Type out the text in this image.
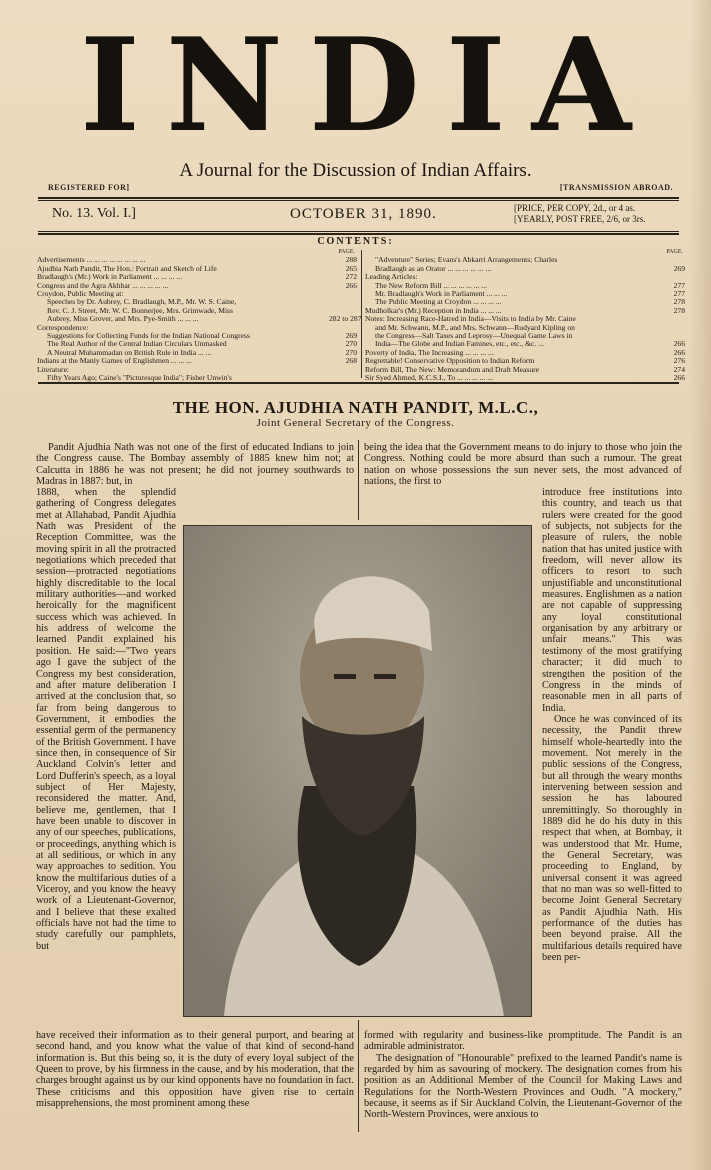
INDIA
A Journal for the Discussion of Indian Affairs.
REGISTERED FOR]	[TRANSMISSION ABROAD.
No. 13. Vol. I.]	OCTOBER 31, 1890.	[PRICE, PER COPY, 2d., or 4 as.
[YEARLY, POST FREE, 2/6, or 3rs.
CONTENTS:
PAGE.
Advertisements ... ... ... ... ... ... ... ...	288
Ajudhia Nath Pandit, The Hon.: Portrait and Sketch of Life	265
Bradlaugh's (Mr.) Work in Parliament ... ... ... ...	272
Congress and the Agra Akhbar ... ... ... ... ...	266
Croydon, Public Meeting at:
Speeches by Dr. Aubrey, C. Bradlaugh, M.P., Mr. W. S. Caine,
Rev. C. J. Street, Mr. W. C. Bonnerjee, Mrs. Grimwade, Miss
Aubrey, Miss Grover, and Mrs. Pye-Smith ... ... ...	282 to 287
Correspondence:
Suggestions for Collecting Funds for the Indian National Congress	269
The Real Author of the Central Indian Circulars Unmasked	270
A Neutral Muhammadan on British Rule in India ... ...	270
Indians at the Manly Games of Englishmen ... ... ...	268
Literature:
Fifty Years Ago; Caine's "Picturesque India"; Fisher Unwin's
PAGE.
"Adventure" Series; Evans's Abkarri Arrangements; Charles
Bradlaugh as an Orator ... ... ... ... ... ...	269
Leading Articles:
The New Reform Bill ... ... ... ... ... ...	277
Mr. Bradlaugh's Work in Parliament ... ... ...	277
The Public Meeting at Croydon ... ... ... ...	278
Mudholkar's (Mr.) Reception in India ... ... ...	278
Notes: Increasing Race-Hatred in India—Visits to India by Mr. Caine
and Mr. Schwann, M.P., and Mrs. Schwann—Rudyard Kipling on
the Congress—Salt Taxes and Leprosy—Unequal Game Laws in
India—The Globe and Indian Famines, etc., etc., &c. ...	266
Poverty of India, The Increasing ... ... ... ...	266
Regrettable! Conservative Opposition to Indian Reform	276
Reform Bill, The New: Memorandum and Draft Measure	274
Sir Syed Ahmed, K.C.S.I., To ... ... ... ... ...	266
THE HON. AJUDHIA NATH PANDIT, M.L.C.,
Joint General Secretary of the Congress.

Pandit Ajudhia Nath was not one of the first of educated Indians to join the Congress cause. The Bombay assembly of 1885 knew him not; at Calcutta in 1886 he was not present; he did not journey southwards to Madras in 1887: but, in

being the idea that the Government means to do injury to those who join the Congress. Nothing could be more absurd than such a rumour. The great nation on whose possessions the sun never sets, the most advanced of nations, the first to

1888, when the splendid gathering of Congress delegates met at Allahabad, Pandit Ajudhia Nath was President of the Reception Committee, was the moving spirit in all the protracted negotiations which preceded that session—protracted negotiations highly discreditable to the local military authorities—and worked heroically for the magnificent success which was achieved. In his address of welcome the learned Pandit explained his position. He said:—"Two years ago I gave the subject of the Congress my best consideration, and after mature deliberation I arrived at the conclusion that, so far from being dangerous to Government, it embodies the essential germ of the permanency of the British Government. I have since then, in consequence of Sir Auckland Colvin's letter and Lord Dufferin's speech, as a loyal subject of Her Majesty, reconsidered the matter. And, believe me, gentlemen, that I have been unable to discover in any of our speeches, publications, or proceedings, anything which is at all seditious, or which in any way approaches to sedition. You know the multifarious duties of a Viceroy, and you know the heavy work of a Lieutenant-Governor, and I believe that these exalted officials have not had the time to study carefully our pamphlets, but

introduce free institutions into this country, and teach us that rulers were created for the good of subjects, not subjects for the pleasure of rulers, the noble nation that has united justice with freedom, will never allow its officers to resort to such unjustifiable and unconstitutional measures. Englishmen as a nation are not capable of suppressing any loyal constitutional organisation by any arbitrary or unfair means." This was testimony of the most gratifying character; it did much to strengthen the position of the Congress in the minds of reasonable men in all parts of India.

Once he was convinced of its necessity, the Pandit threw himself whole-heartedly into the movement. Not merely in the public sessions of the Congress, but all through the weary months intervening between session and session he has laboured unremittingly. So thoroughly in 1889 did he do his duty in this respect that when, at Bombay, it was understood that Mr. Hume, the General Secretary, was proceeding to England, by universal consent it was agreed that no man was so well-fitted to become Joint General Secretary as Pandit Ajudhia Nath. His performance of the duties has been beyond praise. All the multifarious details required have been per-

have received their information as to their general purport, and bearing at second hand, and you know what the value of that kind of second-hand information is. But this being so, it is the duty of every loyal subject of the Queen to prove, by his firmness in the cause, and by his moderation, that the charges brought against us by our kind opponents have no foundation in fact. These criticisms and this opposition have given rise to certain misapprehensions, the most prominent among these

formed with regularity and business-like promptitude. The Pandit is an admirable administrator.

The designation of "Honourable" prefixed to the learned Pandit's name is regarded by him as savouring of mockery. The designation comes from his position as an Additional Member of the Council for Making Laws and Regulations for the North-Western Provinces and Oudh. "A mockery," because, it seems as if Sir Auckland Colvin, the Lieutenant-Governor of the North-Western Provinces, were anxious to
